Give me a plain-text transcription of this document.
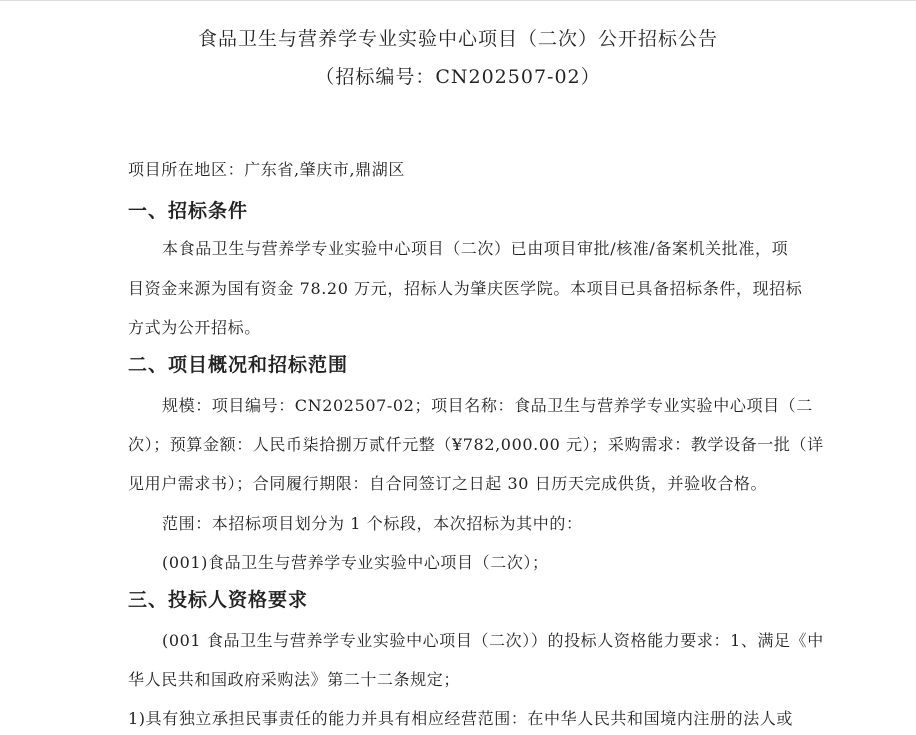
食品卫生与营养学专业实验中心项目（二次）公开招标公告
（招标编号：CN202507-02）
项目所在地区：广东省,肇庆市,鼎湖区
一、招标条件
本食品卫生与营养学专业实验中心项目（二次）已由项目审批/核准/备案机关批准，项
目资金来源为国有资金 78.20 万元，招标人为肇庆医学院。本项目已具备招标条件，现招标
方式为公开招标。
二、项目概况和招标范围
规模：项目编号：CN202507-02；项目名称：食品卫生与营养学专业实验中心项目（二
次）；预算金额：人民币柒拾捌万贰仟元整（¥782,000.00 元）；采购需求：教学设备一批（详
见用户需求书）；合同履行期限：自合同签订之日起 30 日历天完成供货，并验收合格。
范围：本招标项目划分为 1 个标段，本次招标为其中的：
(001)食品卫生与营养学专业实验中心项目（二次）；
三、投标人资格要求
(001 食品卫生与营养学专业实验中心项目（二次））的投标人资格能力要求：1、满足《中
华人民共和国政府采购法》第二十二条规定；
1)具有独立承担民事责任的能力并具有相应经营范围：在中华人民共和国境内注册的法人或
